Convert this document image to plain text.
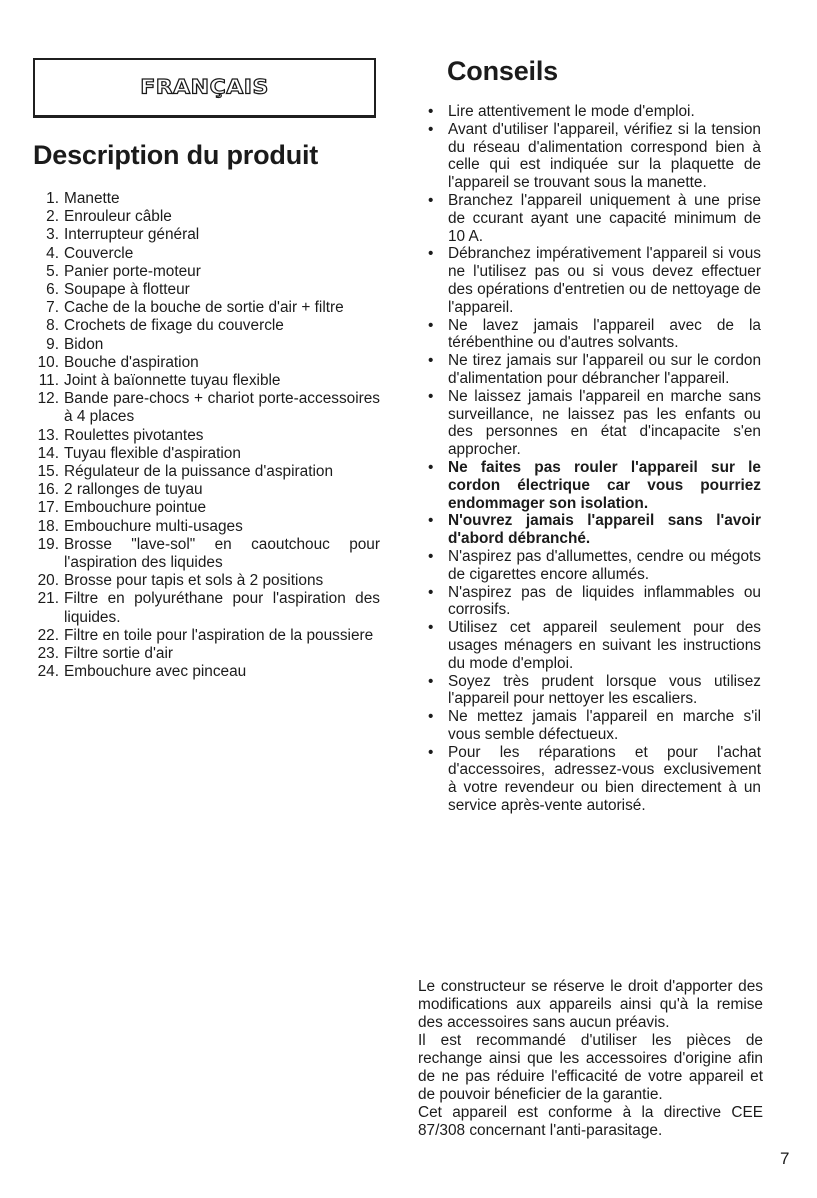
FRANÇAIS
Description du produit
1. Manette
2. Enrouleur câble
3. Interrupteur général
4. Couvercle
5. Panier porte-moteur
6. Soupape à flotteur
7. Cache de la bouche de sortie d'air + filtre
8. Crochets de fixage du couvercle
9. Bidon
10. Bouche d'aspiration
11. Joint à baïonnette tuyau flexible
12. Bande pare-chocs + chariot porte-accessoires à 4 places
13. Roulettes pivotantes
14. Tuyau flexible d'aspiration
15. Régulateur de la puissance d'aspiration
16. 2 rallonges de tuyau
17. Embouchure pointue
18. Embouchure multi-usages
19. Brosse "lave-sol" en caoutchouc pour l'aspiration des liquides
20. Brosse pour tapis et sols à 2 positions
21. Filtre en polyuréthane pour l'aspiration des liquides.
22. Filtre en toile pour l'aspiration de la poussiere
23. Filtre sortie d'air
24. Embouchure avec pinceau
Conseils
• Lire attentivement le mode d'emploi.
• Avant d'utiliser l'appareil, vérifiez si la tension du réseau d'alimentation correspond bien à celle qui est indiquée sur la plaquette de l'appareil se trouvant sous la manette.
• Branchez l'appareil uniquement à une prise de ccurant ayant une capacité minimum de 10 A.
• Débranchez impérativement l'appareil si vous ne l'utilisez pas ou si vous devez effectuer des opérations d'entretien ou de nettoyage de l'appareil.
• Ne lavez jamais l'appareil avec de la térébenthine ou d'autres solvants.
• Ne tirez jamais sur l'appareil ou sur le cordon d'alimentation pour débrancher l'appareil.
• Ne laissez jamais l'appareil en marche sans surveillance, ne laissez pas les enfants ou des personnes en état d'incapacite s'en approcher.
• Ne faites pas rouler l'appareil sur le cordon électrique car vous pourriez endommager son isolation.
• N'ouvrez jamais l'appareil sans l'avoir d'abord débranché.
• N'aspirez pas d'allumettes, cendre ou mégots de cigarettes encore allumés.
• N'aspirez pas de liquides inflammables ou corrosifs.
• Utilisez cet appareil seulement pour des usages ménagers en suivant les instructions du mode d'emploi.
• Soyez très prudent lorsque vous utilisez l'appareil pour nettoyer les escaliers.
• Ne mettez jamais l'appareil en marche s'il vous semble défectueux.
• Pour les réparations et pour l'achat d'accessoires, adressez-vous exclusivement à votre revendeur ou bien directement à un service après-vente autorisé.

Le constructeur se réserve le droit d'apporter des modifications aux appareils ainsi qu'à la remise des accessoires sans aucun préavis.

Il est recommandé d'utiliser les pièces de rechange ainsi que les accessoires d'origine afin de ne pas réduire l'efficacité de votre appareil et de pouvoir béneficier de la garantie.

Cet appareil est conforme à la directive CEE 87/308 concernant l'anti-parasitage.

7
